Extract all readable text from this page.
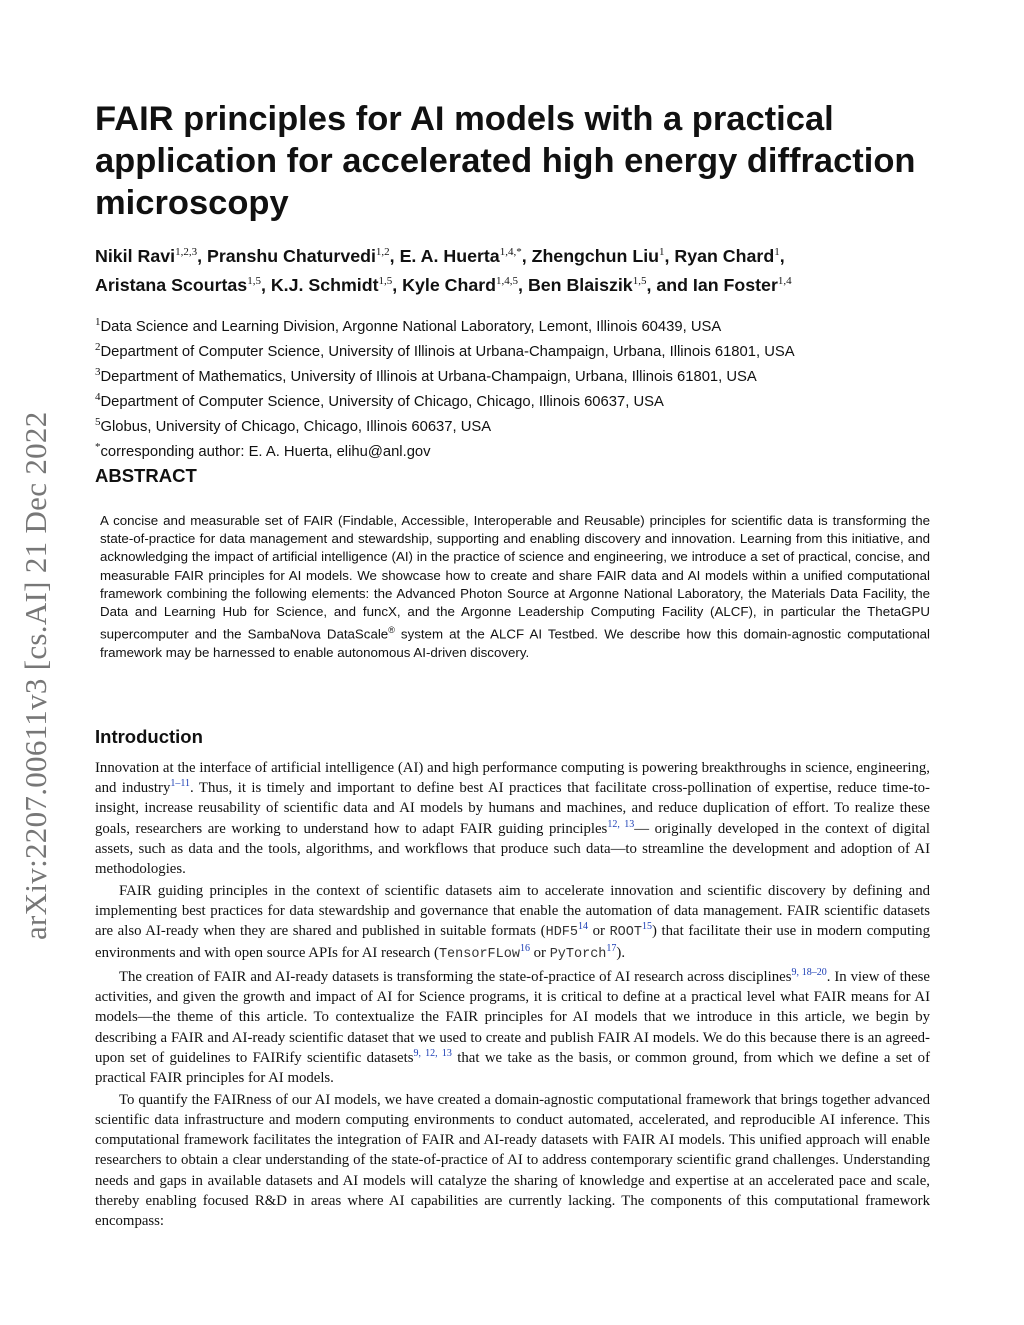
arXiv:2207.00611v3 [cs.AI] 21 Dec 2022
FAIR principles for AI models with a practical application for accelerated high energy diffraction microscopy
Nikil Ravi$^{1,2,3}$, Pranshu Chaturvedi$^{1,2}$, E. A. Huerta$^{1,4,*}$, Zhengchun Liu$^1$, Ryan Chard$^1$,
Aristana Scourtas$^{1,5}$, K.J. Schmidt$^{1,5}$, Kyle Chard$^{1,4,5}$, Ben Blaiszik$^{1,5}$, and Ian Foster$^{1,4}$
$^1$Data Science and Learning Division, Argonne National Laboratory, Lemont, Illinois 60439, USA
$^2$Department of Computer Science, University of Illinois at Urbana-Champaign, Urbana, Illinois 61801, USA
$^3$Department of Mathematics, University of Illinois at Urbana-Champaign, Urbana, Illinois 61801, USA
$^4$Department of Computer Science, University of Chicago, Chicago, Illinois 60637, USA
$^5$Globus, University of Chicago, Chicago, Illinois 60637, USA
*corresponding author: E. A. Huerta, elihu@anl.gov
ABSTRACT
A concise and measurable set of FAIR (Findable, Accessible, Interoperable and Reusable) principles for scientific data is transforming the state-of-practice for data management and stewardship, supporting and enabling discovery and innovation. Learning from this initiative, and acknowledging the impact of artificial intelligence (AI) in the practice of science and engineering, we introduce a set of practical, concise, and measurable FAIR principles for AI models. We showcase how to create and share FAIR data and AI models within a unified computational framework combining the following elements: the Advanced Photon Source at Argonne National Laboratory, the Materials Data Facility, the Data and Learning Hub for Science, and funcX, and the Argonne Leadership Computing Facility (ALCF), in particular the ThetaGPU supercomputer and the SambaNova DataScale® system at the ALCF AI Testbed. We describe how this domain-agnostic computational framework may be harnessed to enable autonomous AI-driven discovery.
Introduction

Innovation at the interface of artificial intelligence (AI) and high performance computing is powering breakthroughs in science, engineering, and industry$^{1-11}$. Thus, it is timely and important to define best AI practices that facilitate cross-pollination of expertise, reduce time-to-insight, increase reusability of scientific data and AI models by humans and machines, and reduce duplication of effort. To realize these goals, researchers are working to understand how to adapt FAIR guiding principles$^{12, 13}$— originally developed in the context of digital assets, such as data and the tools, algorithms, and workflows that produce such data—to streamline the development and adoption of AI methodologies.

FAIR guiding principles in the context of scientific datasets aim to accelerate innovation and scientific discovery by defining and implementing best practices for data stewardship and governance that enable the automation of data management. FAIR scientific datasets are also AI-ready when they are shared and published in suitable formats (HDF5$^{14}$ or ROOT$^{15}$) that facilitate their use in modern computing environments and with open source APIs for AI research (TensorFLow$^{16}$ or PyTorch$^{17}$).

The creation of FAIR and AI-ready datasets is transforming the state-of-practice of AI research across disciplines$^{9, 18-20}$. In view of these activities, and given the growth and impact of AI for Science programs, it is critical to define at a practical level what FAIR means for AI models—the theme of this article. To contextualize the FAIR principles for AI models that we introduce in this article, we begin by describing a FAIR and AI-ready scientific dataset that we used to create and publish FAIR AI models. We do this because there is an agreed-upon set of guidelines to FAIRify scientific datasets$^{9, 12, 13}$ that we take as the basis, or common ground, from which we define a set of practical FAIR principles for AI models.

To quantify the FAIRness of our AI models, we have created a domain-agnostic computational framework that brings together advanced scientific data infrastructure and modern computing environments to conduct automated, accelerated, and reproducible AI inference. This computational framework facilitates the integration of FAIR and AI-ready datasets with FAIR AI models. This unified approach will enable researchers to obtain a clear understanding of the state-of-practice of AI to address contemporary scientific grand challenges. Understanding needs and gaps in available datasets and AI models will catalyze the sharing of knowledge and expertise at an accelerated pace and scale, thereby enabling focused R&D in areas where AI capabilities are currently lacking. The components of this computational framework encompass:
